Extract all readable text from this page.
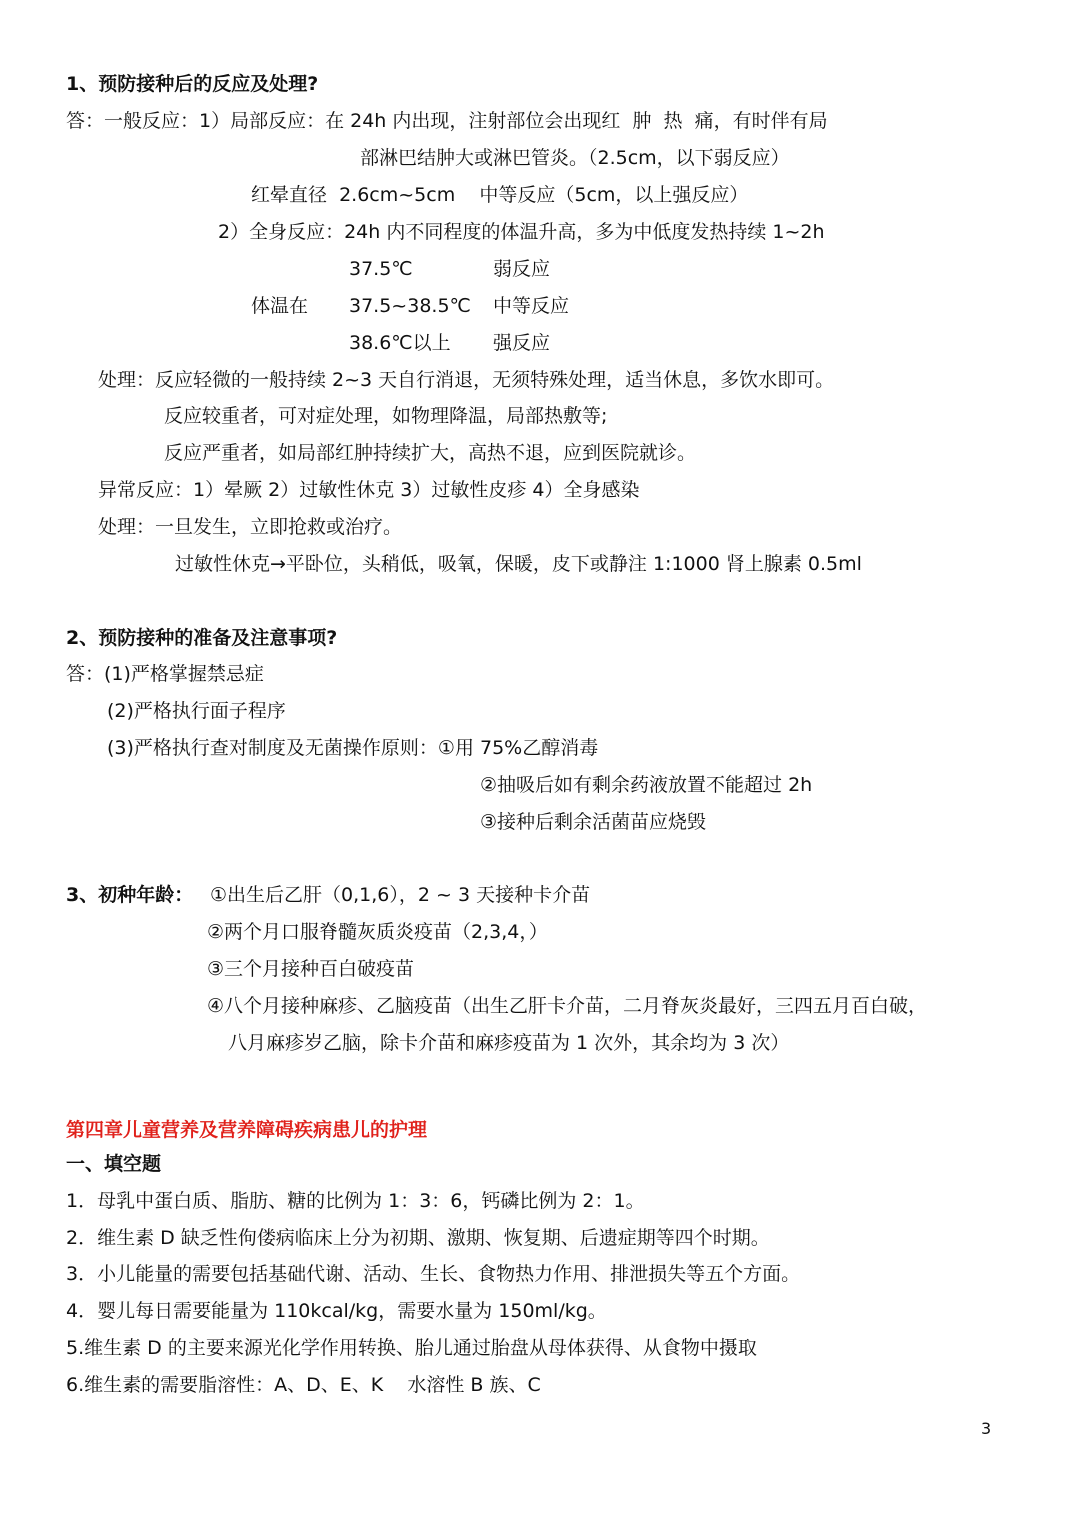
1、预防接种后的反应及处理?
答：一般反应：1）局部反应：在 24h 内出现，注射部位会出现红  肿  热  痛，有时伴有局
部淋巴结肿大或淋巴管炎。（2.5cm，以下弱反应）
红晕直径  2.6cm~5cm    中等反应（5cm，以上强反应）
2）全身反应：24h 内不同程度的体温升高，多为中低度发热持续 1~2h
37.5℃	弱反应
体温在 37.5~38.5℃ 中等反应
38.6℃以上 强反应
处理：反应轻微的一般持续 2~3 天自行消退，无须特殊处理，适当休息，多饮水即可。
反应较重者，可对症处理，如物理降温，局部热敷等;
反应严重者，如局部红肿持续扩大，高热不退，应到医院就诊。
异常反应：1）晕厥 2）过敏性休克 3）过敏性皮疹 4）全身感染
处理：一旦发生，立即抢救或治疗。
过敏性休克→平卧位，头稍低，吸氧，保暖，皮下或静注 1:1000 肾上腺素 0.5ml
2、预防接种的准备及注意事项?
答：(1)严格掌握禁忌症
(2)严格执行面子程序
(3)严格执行查对制度及无菌操作原则：①用 75%乙醇消毒
②抽吸后如有剩余药液放置不能超过 2h
③接种后剩余活菌苗应烧毁
3、初种年龄： ①出生后乙肝（0,1,6），2 ~ 3 天接种卡介苗
②两个月口服脊髓灰质炎疫苗（2,3,4，）
③三个月接种百白破疫苗
④八个月接种麻疹、乙脑疫苗（出生乙肝卡介苗，二月脊灰炎最好，三四五月百白破，
八月麻疹岁乙脑，除卡介苗和麻疹疫苗为 1 次外，其余均为 3 次）
第四章儿童营养及营养障碍疾病患儿的护理
一、填空题
1．母乳中蛋白质、脂肪、糖的比例为 1：3：6，钙磷比例为 2：1。
2．维生素 D 缺乏性佝偻病临床上分为初期、激期、恢复期、后遗症期等四个时期。
3．小儿能量的需要包括基础代谢、活动、生长、食物热力作用、排泄损失等五个方面。
4．婴儿每日需要能量为 110kcal/kg，需要水量为 150ml/kg。
5.维生素 D 的主要来源光化学作用转换、胎儿通过胎盘从母体获得、从食物中摄取
6.维生素的需要脂溶性：A、D、E、K    水溶性 B 族、C
3
